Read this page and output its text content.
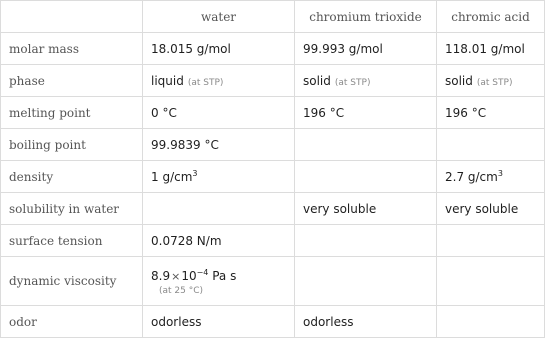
	water	chromium trioxide	chromic acid
molar mass	18.015 g/mol	99.993 g/mol	118.01 g/mol
phase	liquid (at STP)	solid (at STP)	solid (at STP)
melting point	0 °C	196 °C	196 °C
boiling point	99.9839 °C		
density	1 $g/cm^3$		2.7 $g/cm^3$
solubility in water		very soluble	very soluble
surface tension	0.0728 N/m		
dynamic viscosity	$8.9\times 10^{-4}$ Pa s
(at 25 °C)		

odor	odorless	odorless	
